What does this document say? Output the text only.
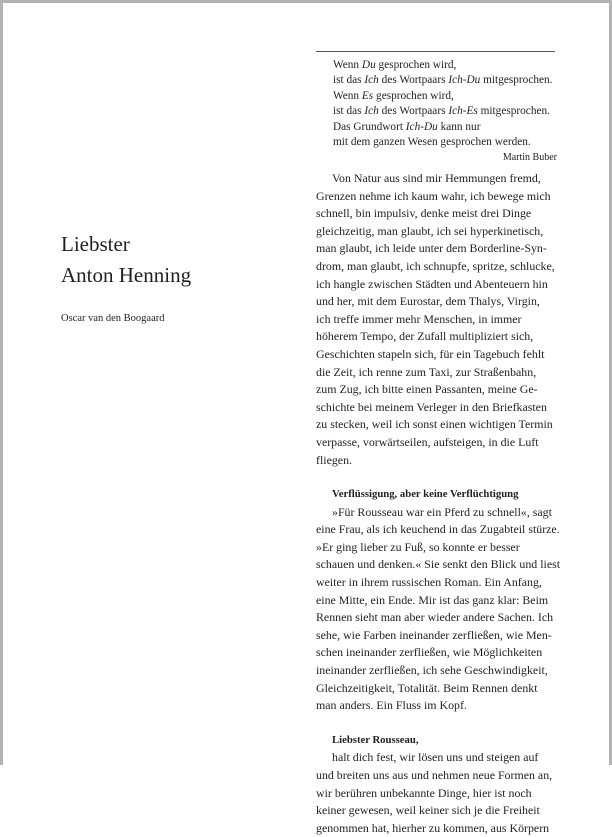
Liebster
Anton Henning
Oscar van den Boogaard
Wenn Du gesprochen wird,
ist das Ich des Wortpaars Ich-Du mitgesprochen.
Wenn Es gesprochen wird,
ist das Ich des Wortpaars Ich-Es mitgesprochen.
Das Grundwort Ich-Du kann nur
mit dem ganzen Wesen gesprochen werden.
Martin Buber
Von Natur aus sind mir Hemmungen fremd,
Grenzen nehme ich kaum wahr, ich bewege mich
schnell, bin impulsiv, denke meist drei Dinge
gleichzeitig, man glaubt, ich sei hyperkinetisch,
man glaubt, ich leide unter dem Borderline-Syn-
drom, man glaubt, ich schnupfe, spritze, schlucke,
ich hangle zwischen Städten und Abenteuern hin
und her, mit dem Eurostar, dem Thalys, Virgin,
ich treffe immer mehr Menschen, in immer
höherem Tempo, der Zufall multipliziert sich,
Geschichten stapeln sich, für ein Tagebuch fehlt
die Zeit, ich renne zum Taxi, zur Straßenbahn,
zum Zug, ich bitte einen Passanten, meine Ge-
schichte bei meinem Verleger in den Briefkasten
zu stecken, weil ich sonst einen wichtigen Termin
verpasse, vorwärtseilen, aufsteigen, in die Luft
fliegen.
Verflüssigung, aber keine Verflüchtigung
»Für Rousseau war ein Pferd zu schnell«, sagt
eine Frau, als ich keuchend in das Zugabteil stürze.
»Er ging lieber zu Fuß, so konnte er besser
schauen und denken.« Sie senkt den Blick und liest
weiter in ihrem russischen Roman. Ein Anfang,
eine Mitte, ein Ende. Mir ist das ganz klar: Beim
Rennen sieht man aber wieder andere Sachen. Ich
sehe, wie Farben ineinander zerfließen, wie Men-
schen ineinander zerfließen, wie Möglichkeiten
ineinander zerfließen, ich sehe Geschwindigkeit,
Gleichzeitigkeit, Totalität. Beim Rennen denkt
man anders. Ein Fluss im Kopf.
Liebster Rousseau,
halt dich fest, wir lösen uns und steigen auf
und breiten uns aus und nehmen neue Formen an,
wir berühren unbekannte Dinge, hier ist noch
keiner gewesen, weil keiner sich je die Freiheit
genommen hat, hierher zu kommen, aus Körpern
